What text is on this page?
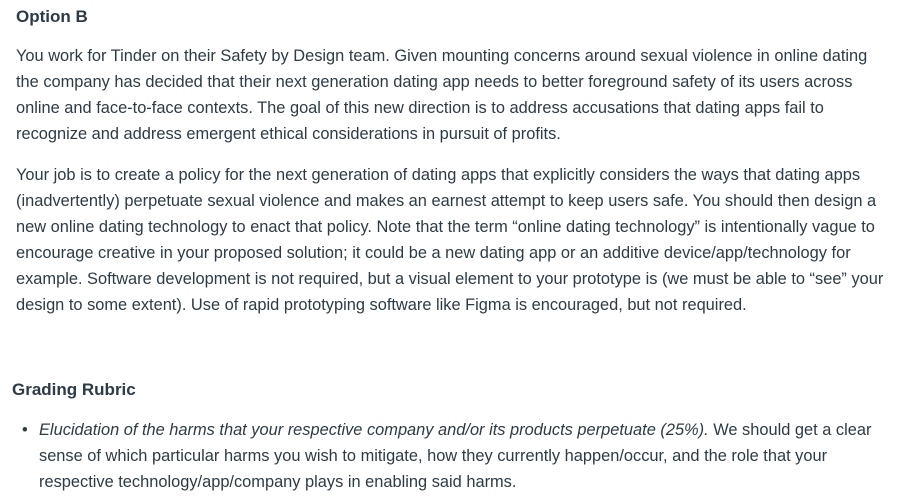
Option B

You work for Tinder on their Safety by Design team. Given mounting concerns around sexual violence in online dating the company has decided that their next generation dating app needs to better foreground safety of its users across online and face-to-face contexts. The goal of this new direction is to address accusations that dating apps fail to recognize and address emergent ethical considerations in pursuit of profits.

Your job is to create a policy for the next generation of dating apps that explicitly considers the ways that dating apps (inadvertently) perpetuate sexual violence and makes an earnest attempt to keep users safe. You should then design a new online dating technology to enact that policy. Note that the term “online dating technology” is intentionally vague to encourage creative in your proposed solution; it could be a new dating app or an additive device/app/technology for example. Software development is not required, but a visual element to your prototype is (we must be able to “see” your design to some extent). Use of rapid prototyping software like Figma is encouraged, but not required.

Grading Rubric
• Elucidation of the harms that your respective company and/or its products perpetuate (25%). We should get a clear sense of which particular harms you wish to mitigate, how they currently happen/occur, and the role that your respective technology/app/company plays in enabling said harms.
